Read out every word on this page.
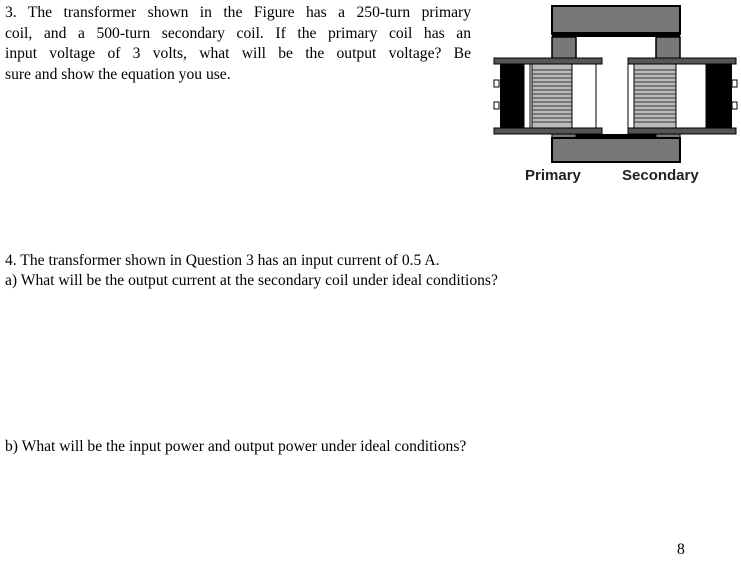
3. The transformer shown in the Figure has a 250-turn primary
coil, and a 500-turn secondary coil. If the primary coil has an
input voltage of 3 volts, what will be the output voltage? Be
sure and show the equation you use.
Primary	Secondary
4. The transformer shown in Question 3 has an input current of 0.5 A.
a) What will be the output current at the secondary coil under ideal conditions?
b) What will be the input power and output power under ideal conditions?
8
